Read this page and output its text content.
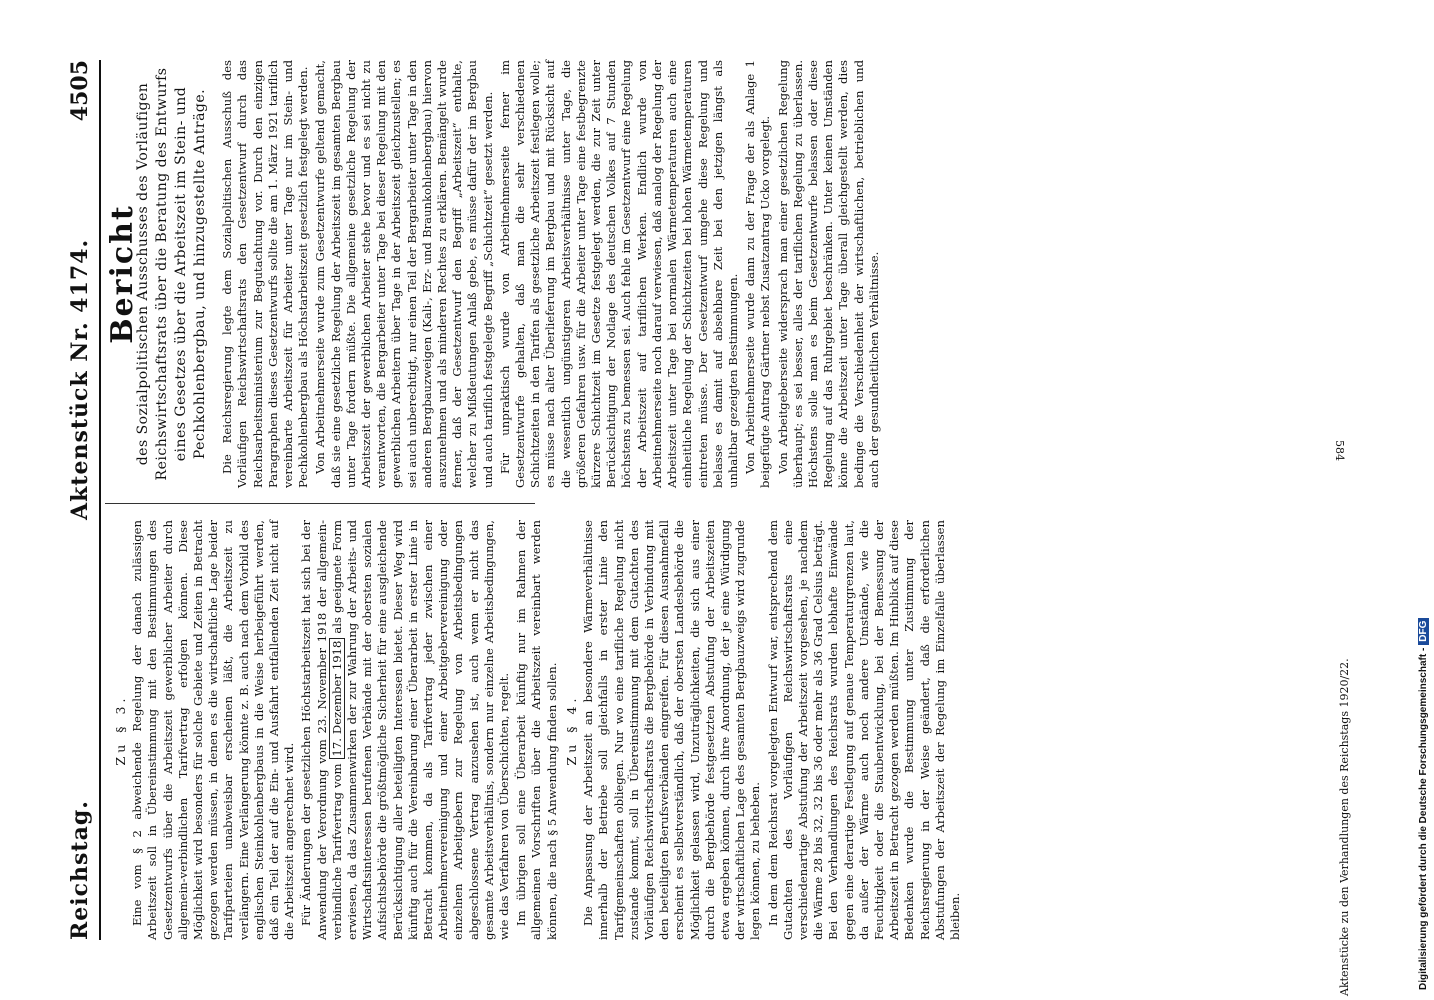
Reichstag.
Aktenstück Nr. 4174.
4505
Zu § 3. Eine vom § 2 abweichende Regelung der danach zulässigen Arbeitszeit soll in Übereinstimmung mit den Bestimmungen des Gesetzentwurfs über die Arbeitszeit gewerblicher Arbeiter durch allgemein-verbindlichen Tarifvertrag erfolgen können. Diese Möglichkeit wird besonders für solche Gebiete und Zeiten in Betracht gezogen werden müssen, in denen es die wirtschaftliche Lage beider Tarifparteien unabweisbar erscheinen läßt, die Arbeitszeit zu verlängern. Eine Verlängerung könnte z. B. auch nach dem Vorbild des englischen Steinkohlenbergbaus in die Weise herbeigeführt werden, daß ein Teil der auf die Ein- und Ausfahrt entfallenden Zeit nicht auf die Arbeitszeit angerechnet wird. Für Änderungen der gesetzlichen Höchstarbeitszeit hat sich bei der Anwendung der Verordnung vom 23. November 1918 der allgemein-verbindliche Tarifvertrag vom 17. Dezember 1918 als geeignete Form erwiesen, da das Zusammenwirken der zur Wahrung der Arbeits- und Wirtschaftsinteressen berufenen Verbände mit der obersten sozialen Aufsichtsbehörde die größtmögliche Sicherheit für eine ausgleichende Berücksichtigung aller beteiligten Interessen bietet. Dieser Weg wird künftig auch für die Vereinbarung einer Überarbeit in erster Linie in Betracht kommen, da als Tarifvertrag jeder zwischen einer Arbeitnehmervereinigung und einer Arbeitgebervereinigung oder einzelnen Arbeitgebern zur Regelung von Arbeitsbedingungen abgeschlossene Vertrag anzusehen ist, auch wenn er nicht das gesamte Arbeitsverhältnis, sondern nur einzelne Arbeitsbedingungen, wie das Verfahren von Überschichten, regelt. Im übrigen soll eine Überarbeit künftig nur im Rahmen der allgemeinen Vorschriften über die Arbeitszeit vereinbart werden können, die nach § 5 Anwendung finden sollen. Zu § 4. Die Anpassung der Arbeitszeit an besondere Wärmeverhältnisse innerhalb der Betriebe soll gleichfalls in erster Linie den Tarifgemeinschaften obliegen. Nur wo eine tarifliche Regelung nicht zustande kommt, soll in Übereinstimmung mit dem Gutachten des Vorläufigen Reichswirtschaftsrats die Bergbehörde in Verbindung mit den beteiligten Berufsverbänden eingreifen. Für diesen Ausnahmefall erscheint es selbstverständlich, daß der obersten Landesbehörde die Möglichkeit gelassen wird, Unzuträglichkeiten, die sich aus einer durch die Bergbehörde festgesetzten Abstufung der Arbeitszeiten etwa ergeben können, durch ihre Anordnung, der je eine Würdigung der wirtschaftlichen Lage des gesamten Bergbauzweigs wird zugrunde legen können, zu beheben. In dem dem Reichsrat vorgelegten Entwurf war, entsprechend dem Gutachten des Vorläufigen Reichswirtschaftsrats eine verschiedenartige Abstufung der Arbeitszeit vorgesehen, je nachdem die Wärme 28 bis 32, 32 bis 36 oder mehr als 36 Grad Celsius beträgt. Bei den Verhandlungen des Reichsrats wurden lebhafte Einwände gegen eine derartige Festlegung auf genaue Temperaturgrenzen laut, da außer der Wärme auch noch andere Umstände, wie die Feuchtigkeit oder die Staubentwicklung, bei der Bemessung der Arbeitszeit in Betracht gezogen werden müßten. Im Hinblick auf diese Bedenken wurde die Bestimmung unter Zustimmung der Reichsregierung in der Weise geändert, daß die erforderlichen Abstufungen der Arbeitszeit der Regelung im Einzelfalle überlassen bleiben.

Bericht
des Sozialpolitischen Ausschusses des Vorläufigen Reichswirtschaftsrats über die Beratung des Entwurfs eines Gesetzes über die Arbeitszeit im Stein- und Pechkohlenbergbau, und hinzugestellte Anträge. Die Reichsregierung legte dem Sozialpolitischen Ausschuß des Vorläufigen Reichswirtschaftsrats den Gesetzentwurf durch das Reichsarbeitsministerium zur Begutachtung vor. Durch den einzigen Paragraphen dieses Gesetzentwurfs sollte die am 1. März 1921 tariflich vereinbarte Arbeitszeit für Arbeiter unter Tage nur im Stein- und Pechkohlenbergbau als Höchstarbeitszeit gesetzlich festgelegt werden. Von Arbeitnehmerseite wurde zum Gesetzentwurfe geltend gemacht, daß sie eine gesetzliche Regelung der Arbeitszeit im gesamten Bergbau unter Tage fordern müßte. Die allgemeine gesetzliche Regelung der Arbeitszeit der gewerblichen Arbeiter stehe bevor und es sei nicht zu verantworten, die Bergarbeiter unter Tage bei dieser Regelung mit den gewerblichen Arbeitern über Tage in der Arbeitszeit gleichzustellen; es sei auch unberechtigt, nur einen Teil der Bergarbeiter unter Tage in den anderen Bergbauzweigen (Kali-, Erz- und Braunkohlenbergbau) hiervon auszunehmen und als minderen Rechtes zu erklären. Bemängelt wurde ferner, daß der Gesetzentwurf den Begriff „Arbeitszeit“ enthalte, welcher zu Mißdeutungen Anlaß gebe, es müsse dafür der im Bergbau und auch tariflich festgelegte Begriff „Schichtzeit“ gesetzt werden. Für unpraktisch wurde von Arbeitnehmerseite ferner im Gesetzentwurfe gehalten, daß man die sehr verschiedenen Schichtzeiten in den Tarifen als gesetzliche Arbeitszeit festlegen wolle; es müsse nach alter Überlieferung im Bergbau und mit Rücksicht auf die wesentlich ungünstigeren Arbeitsverhältnisse unter Tage, die größeren Gefahren usw. für die Arbeiter unter Tage eine festbegrenzte kürzere Schichtzeit im Gesetze festgelegt werden, die zur Zeit unter Berücksichtigung der Notlage des deutschen Volkes auf 7 Stunden höchstens zu bemessen sei. Auch fehle im Gesetzentwurf eine Regelung der Arbeitszeit auf tariflichen Werken. Endlich wurde von Arbeitnehmerseite noch darauf verwiesen, daß analog der Regelung der Arbeitszeit unter Tage bei normalen Wärmetemperaturen auch eine einheitliche Regelung der Schichtzeiten bei hohen Wärmetemperaturen eintreten müsse. Der Gesetzentwurf umgehe diese Regelung und belasse es damit auf absehbare Zeit bei den jetzigen längst als unhaltbar gezeigten Bestimmungen. Von Arbeitnehmerseite wurde dann zu der Frage der als Anlage 1 beigefügte Antrag Gärtner nebst Zusatzantrag Ucko vorgelegt. Von Arbeitgeberseite widersprach man einer gesetzlichen Regelung überhaupt; es sei besser, alles der tariflichen Regelung zu überlassen. Höchstens solle man es beim Gesetzentwurfe belassen oder diese Regelung auf das Ruhrgebiet beschränken. Unter keinen Umständen könne die Arbeitszeit unter Tage überall gleichgestellt werden, dies bedinge die Verschiedenheit der wirtschaftlichen, betrieblichen und auch der gesundheitlichen Verhältnisse.

Aktenstücke zu den Verhandlungen des Reichstags 1920/22.
584
Digitalisierung gefördert durch die Deutsche Forschungsgemeinschaft -DFG
